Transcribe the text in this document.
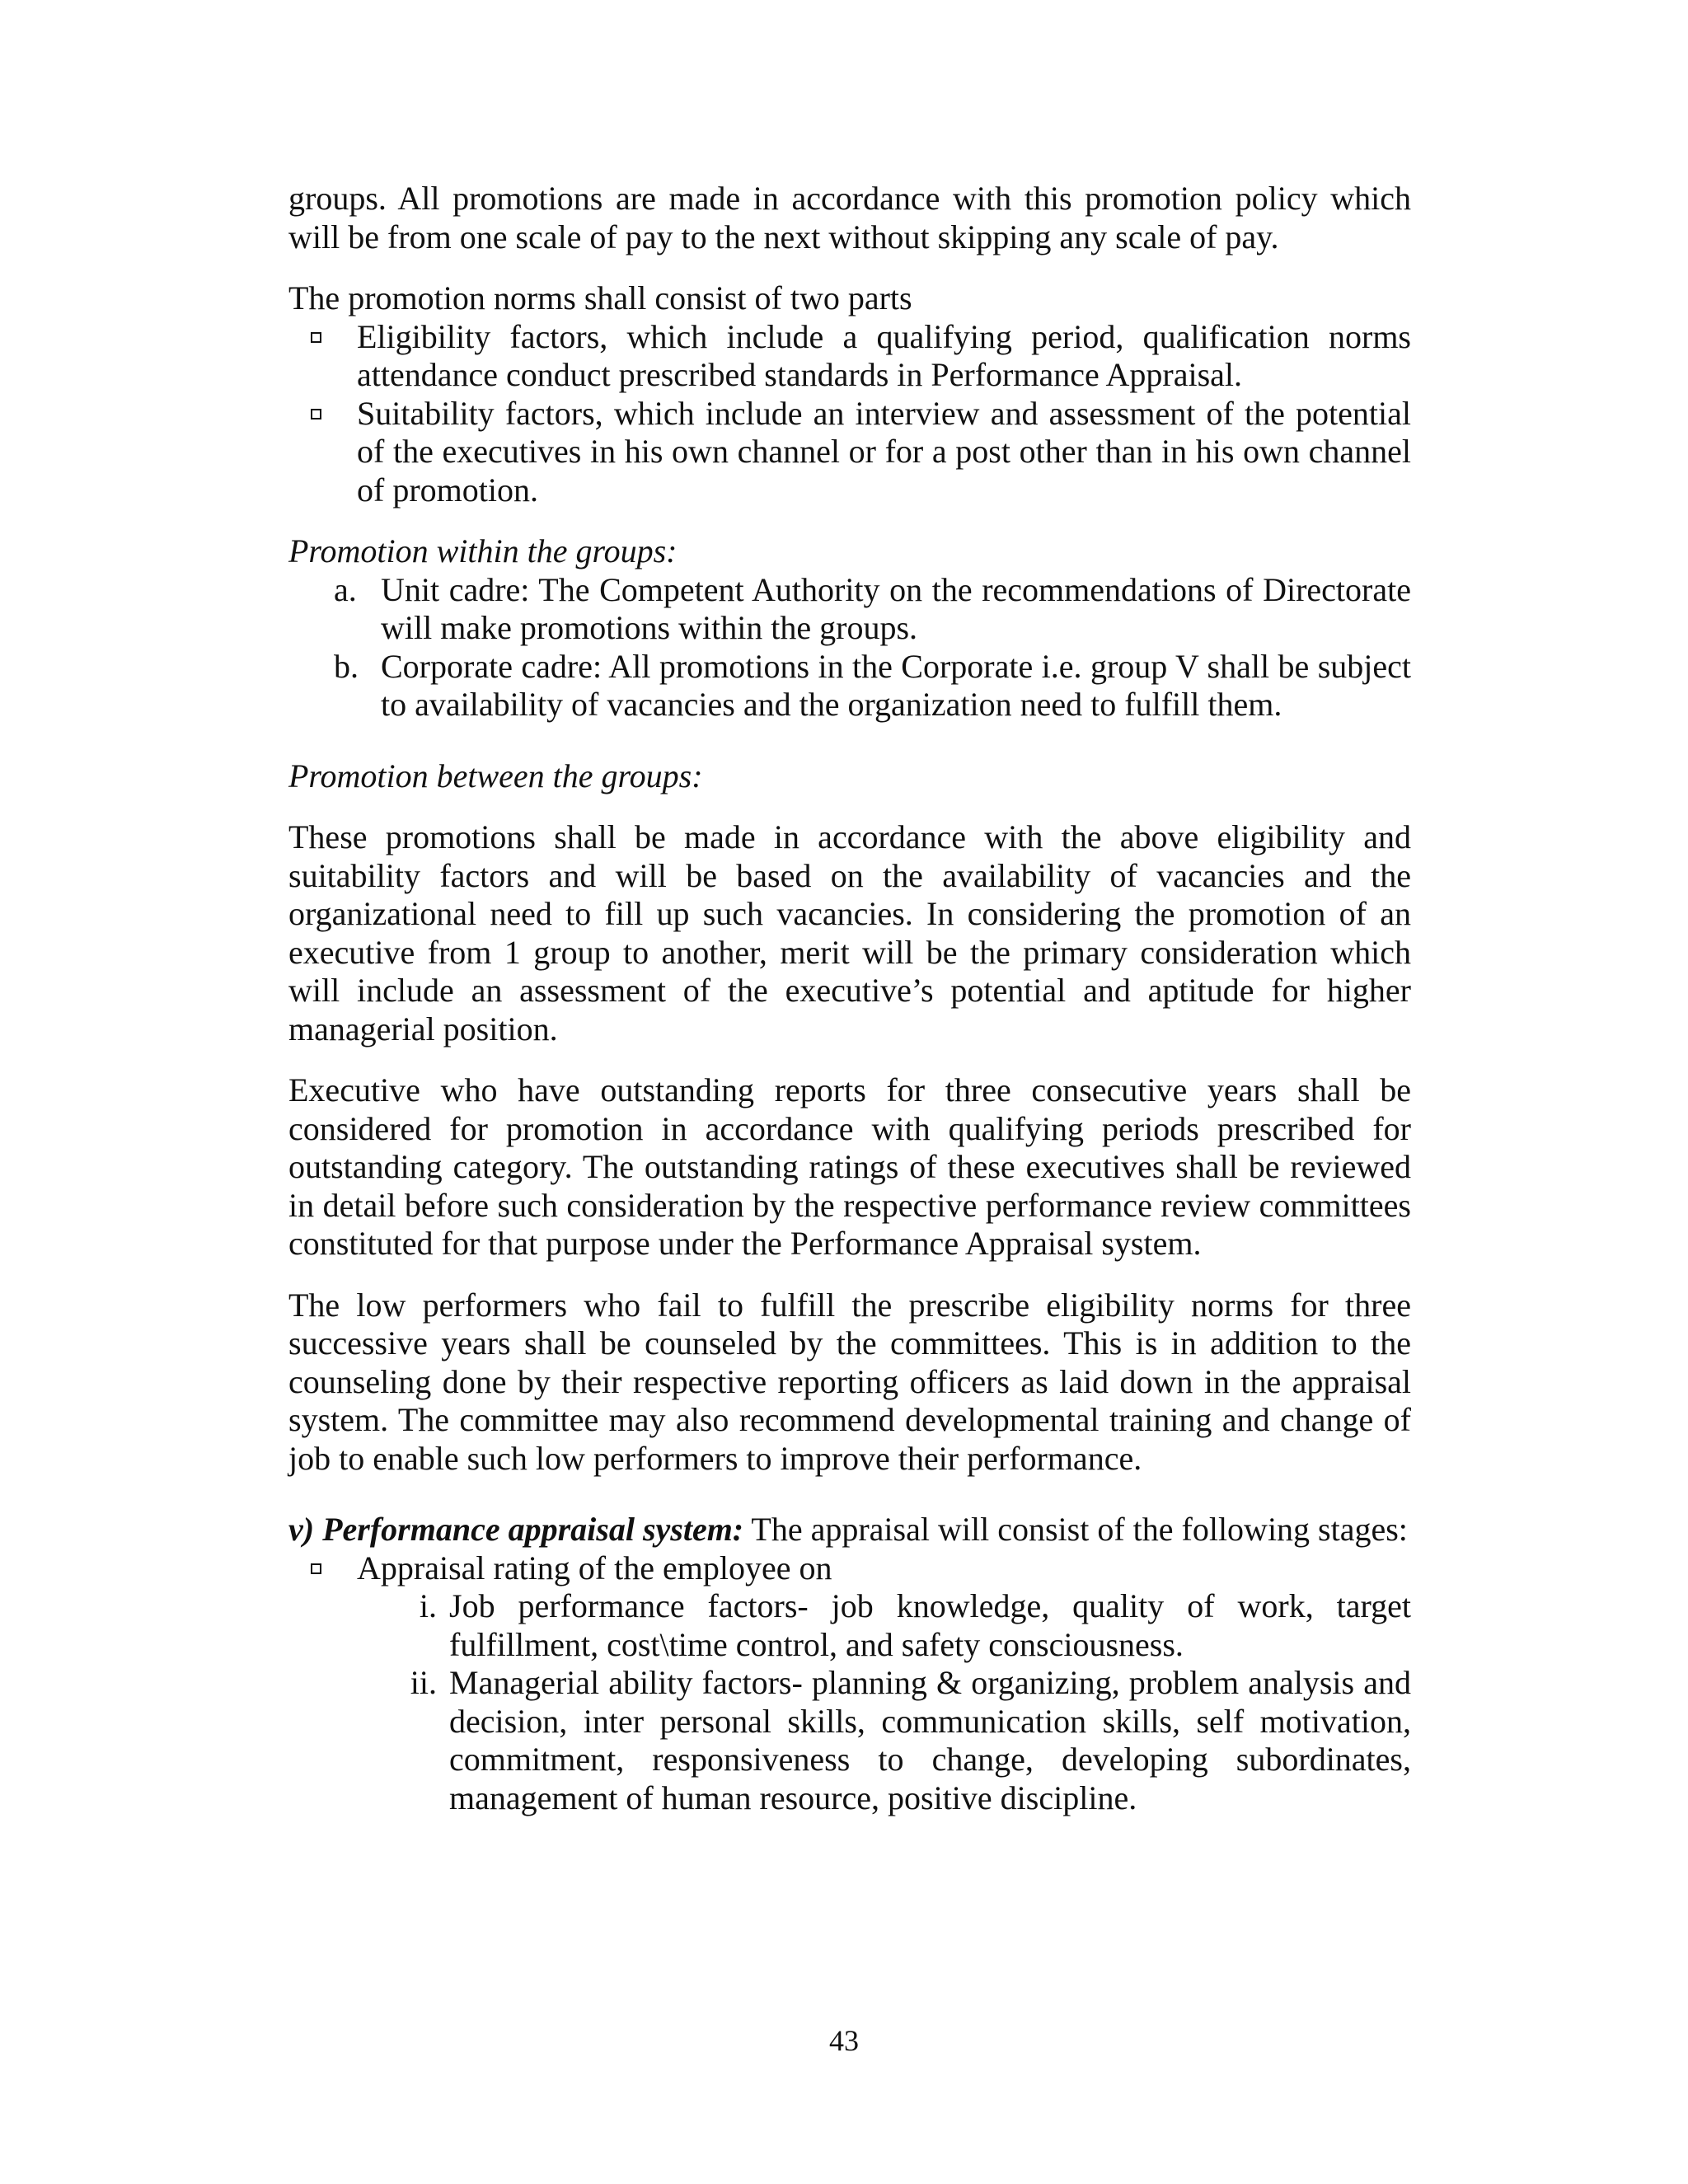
groups. All promotions are made in accordance with this promotion policy which will be from one scale of pay to the next without skipping any scale of pay.

The promotion norms shall consist of two parts

Eligibility factors, which include a qualifying period, qualification norms attendance conduct prescribed standards in Performance Appraisal.
Suitability factors, which include an interview and assessment of the potential of the executives in his own channel or for a post other than in his own channel of promotion.

Promotion within the groups:

a. Unit cadre: The Competent Authority on the recommendations of Directorate will make promotions within the groups.
b. Corporate cadre: All promotions in the Corporate i.e. group V shall be subject to availability of vacancies and the organization need to fulfill them.

Promotion between the groups:

These promotions shall be made in accordance with the above eligibility and suitability factors and will be based on the availability of vacancies and the organizational need to fill up such vacancies. In considering the promotion of an executive from 1 group to another, merit will be the primary consideration which will include an assessment of the executive’s potential and aptitude for higher managerial position.

Executive who have outstanding reports for three consecutive years shall be considered for promotion in accordance with qualifying periods prescribed for outstanding category. The outstanding ratings of these executives shall be reviewed in detail before such consideration by the respective performance review committees constituted for that purpose under the Performance Appraisal system.

The low performers who fail to fulfill the prescribe eligibility norms for three successive years shall be counseled by the committees. This is in addition to the counseling done by their respective reporting officers as laid down in the appraisal system. The committee may also recommend developmental training and change of job to enable such low performers to improve their performance.

v) Performance appraisal system: The appraisal will consist of the following stages:

Appraisal rating of the employee on
i. Job performance factors- job knowledge, quality of work, target fulfillment, cost\time control, and safety consciousness.
ii. Managerial ability factors- planning & organizing, problem analysis and decision, inter personal skills, communication skills, self motivation, commitment, responsiveness to change, developing subordinates, management of human resource, positive discipline.
43
